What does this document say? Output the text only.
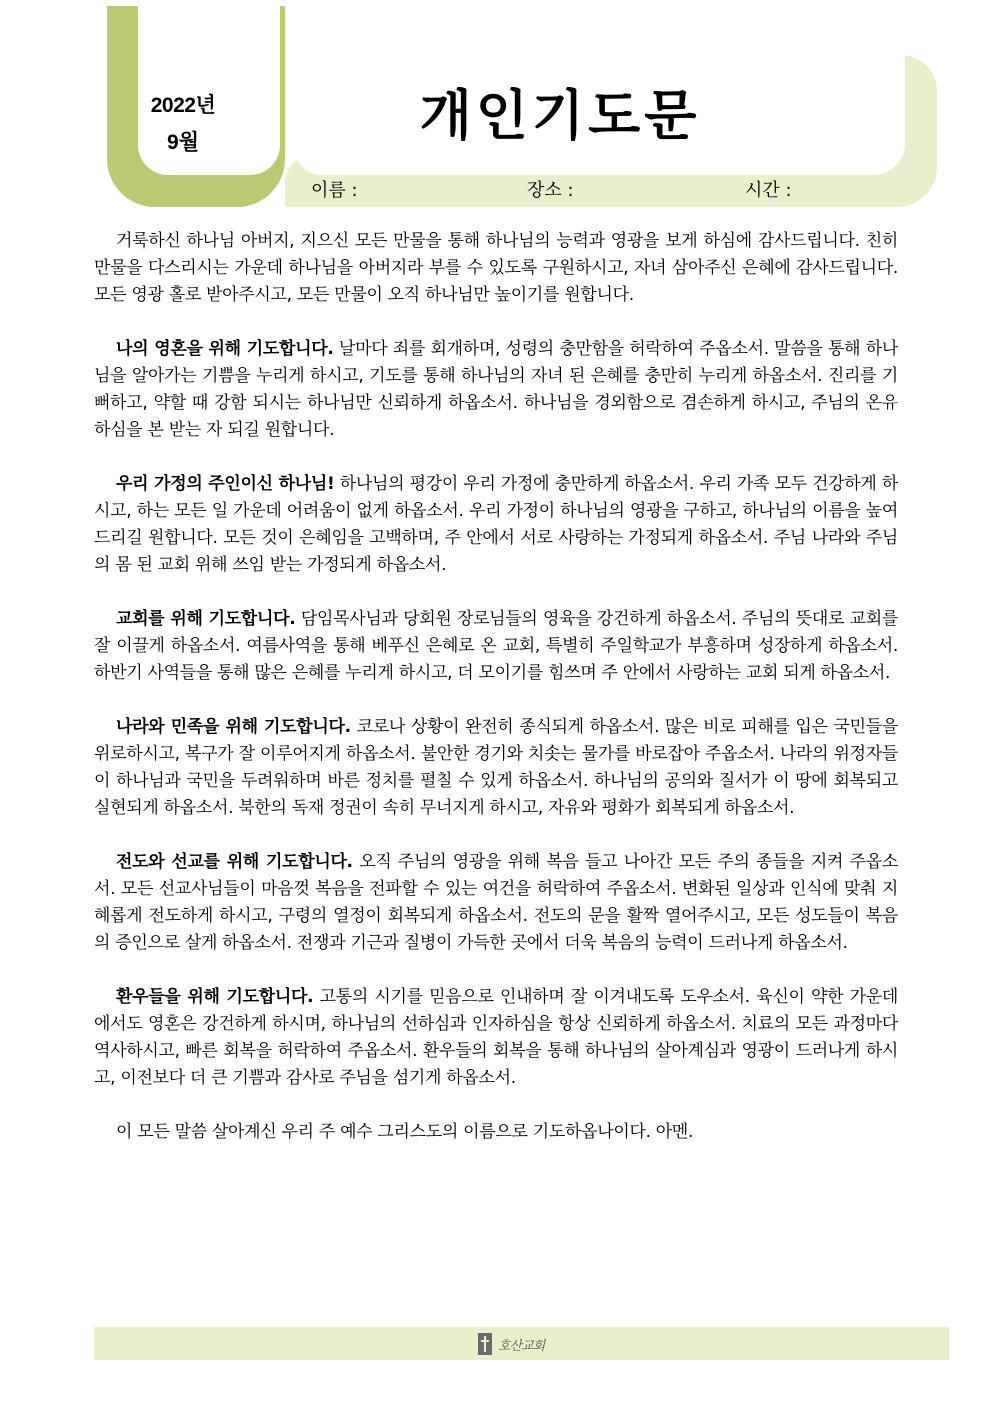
2022년
9월	개인기도문
이름 :	장소 :	시간 :

거룩하신 하나님 아버지, 지으신 모든 만물을 통해 하나님의 능력과 영광을 보게 하심에 감사드립니다. 친히 만물을 다스리시는 가운데 하나님을 아버지라 부를 수 있도록 구원하시고, 자녀 삼아주신 은혜에 감사드립니다. 모든 영광 홀로 받아주시고, 모든 만물이 오직 하나님만 높이기를 원합니다.

나의 영혼을 위해 기도합니다. 날마다 죄를 회개하며, 성령의 충만함을 허락하여 주옵소서. 말씀을 통해 하나님을 알아가는 기쁨을 누리게 하시고, 기도를 통해 하나님의 자녀 된 은혜를 충만히 누리게 하옵소서. 진리를 기뻐하고, 약할 때 강함 되시는 하나님만 신뢰하게 하옵소서. 하나님을 경외함으로 겸손하게 하시고, 주님의 온유하심을 본 받는 자 되길 원합니다.

우리 가정의 주인이신 하나님! 하나님의 평강이 우리 가정에 충만하게 하옵소서. 우리 가족 모두 건강하게 하시고, 하는 모든 일 가운데 어려움이 없게 하옵소서. 우리 가정이 하나님의 영광을 구하고, 하나님의 이름을 높여드리길 원합니다. 모든 것이 은혜임을 고백하며, 주 안에서 서로 사랑하는 가정되게 하옵소서. 주님 나라와 주님의 몸 된 교회 위해 쓰임 받는 가정되게 하옵소서.

교회를 위해 기도합니다. 담임목사님과 당회원 장로님들의 영육을 강건하게 하옵소서. 주님의 뜻대로 교회를 잘 이끌게 하옵소서. 여름사역을 통해 베푸신 은혜로 온 교회, 특별히 주일학교가 부흥하며 성장하게 하옵소서. 하반기 사역들을 통해 많은 은혜를 누리게 하시고, 더 모이기를 힘쓰며 주 안에서 사랑하는 교회 되게 하옵소서.

나라와 민족을 위해 기도합니다. 코로나 상황이 완전히 종식되게 하옵소서. 많은 비로 피해를 입은 국민들을 위로하시고, 복구가 잘 이루어지게 하옵소서. 불안한 경기와 치솟는 물가를 바로잡아 주옵소서. 나라의 위정자들이 하나님과 국민을 두려워하며 바른 정치를 펼칠 수 있게 하옵소서. 하나님의 공의와 질서가 이 땅에 회복되고 실현되게 하옵소서. 북한의 독재 정권이 속히 무너지게 하시고, 자유와 평화가 회복되게 하옵소서.

전도와 선교를 위해 기도합니다. 오직 주님의 영광을 위해 복음 들고 나아간 모든 주의 종들을 지켜 주옵소서. 모든 선교사님들이 마음껏 복음을 전파할 수 있는 여건을 허락하여 주옵소서. 변화된 일상과 인식에 맞춰 지혜롭게 전도하게 하시고, 구령의 열정이 회복되게 하옵소서. 전도의 문을 활짝 열어주시고, 모든 성도들이 복음의 증인으로 살게 하옵소서. 전쟁과 기근과 질병이 가득한 곳에서 더욱 복음의 능력이 드러나게 하옵소서.

환우들을 위해 기도합니다. 고통의 시기를 믿음으로 인내하며 잘 이겨내도록 도우소서. 육신이 약한 가운데에서도 영혼은 강건하게 하시며, 하나님의 선하심과 인자하심을 항상 신뢰하게 하옵소서. 치료의 모든 과정마다 역사하시고, 빠른 회복을 허락하여 주옵소서. 환우들의 회복을 통해 하나님의 살아계심과 영광이 드러나게 하시고, 이전보다 더 큰 기쁨과 감사로 주님을 섬기게 하옵소서.

이 모든 말씀 살아계신 우리 주 예수 그리스도의 이름으로 기도하옵나이다. 아멘.

호산교회
